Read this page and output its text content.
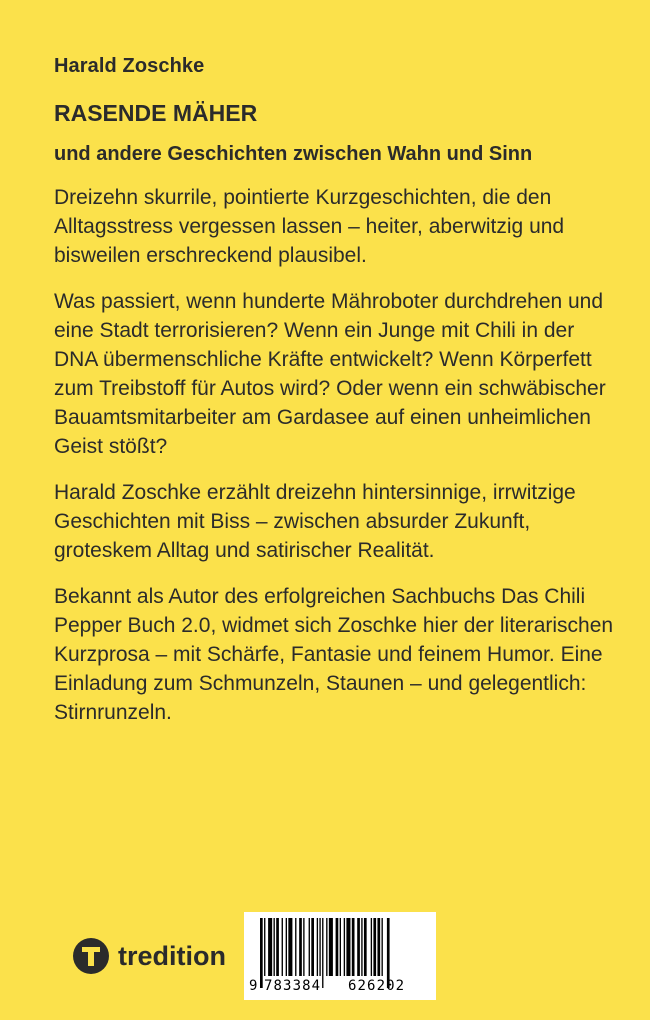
Harald Zoschke
RASENDE MÄHER
und andere Geschichten zwischen Wahn und Sinn

Dreizehn skurrile, pointierte Kurzgeschichten, die den Alltagsstress vergessen lassen – heiter, aberwitzig und bisweilen erschreckend plausibel.

Was passiert, wenn hunderte Mähroboter durchdrehen und eine Stadt terrorisieren? Wenn ein Junge mit Chili in der DNA übermenschliche Kräfte entwickelt? Wenn Körperfett zum Treibstoff für Autos wird? Oder wenn ein schwäbischer Bauamtsmitarbeiter am Gardasee auf einen unheimlichen Geist stößt?

Harald Zoschke erzählt dreizehn hintersinnige, irrwitzige Geschichten mit Biss – zwischen absurder Zukunft, groteskem Alltag und satirischer Realität.

Bekannt als Autor des erfolgreichen Sachbuchs Das Chili Pepper Buch 2.0, widmet sich Zoschke hier der literarischen Kurzprosa – mit Schärfe, Fantasie und feinem Humor. Eine Einladung zum Schmunzeln, Staunen – und gelegentlich: Stirnrunzeln.

tredition
9 783384 626202
